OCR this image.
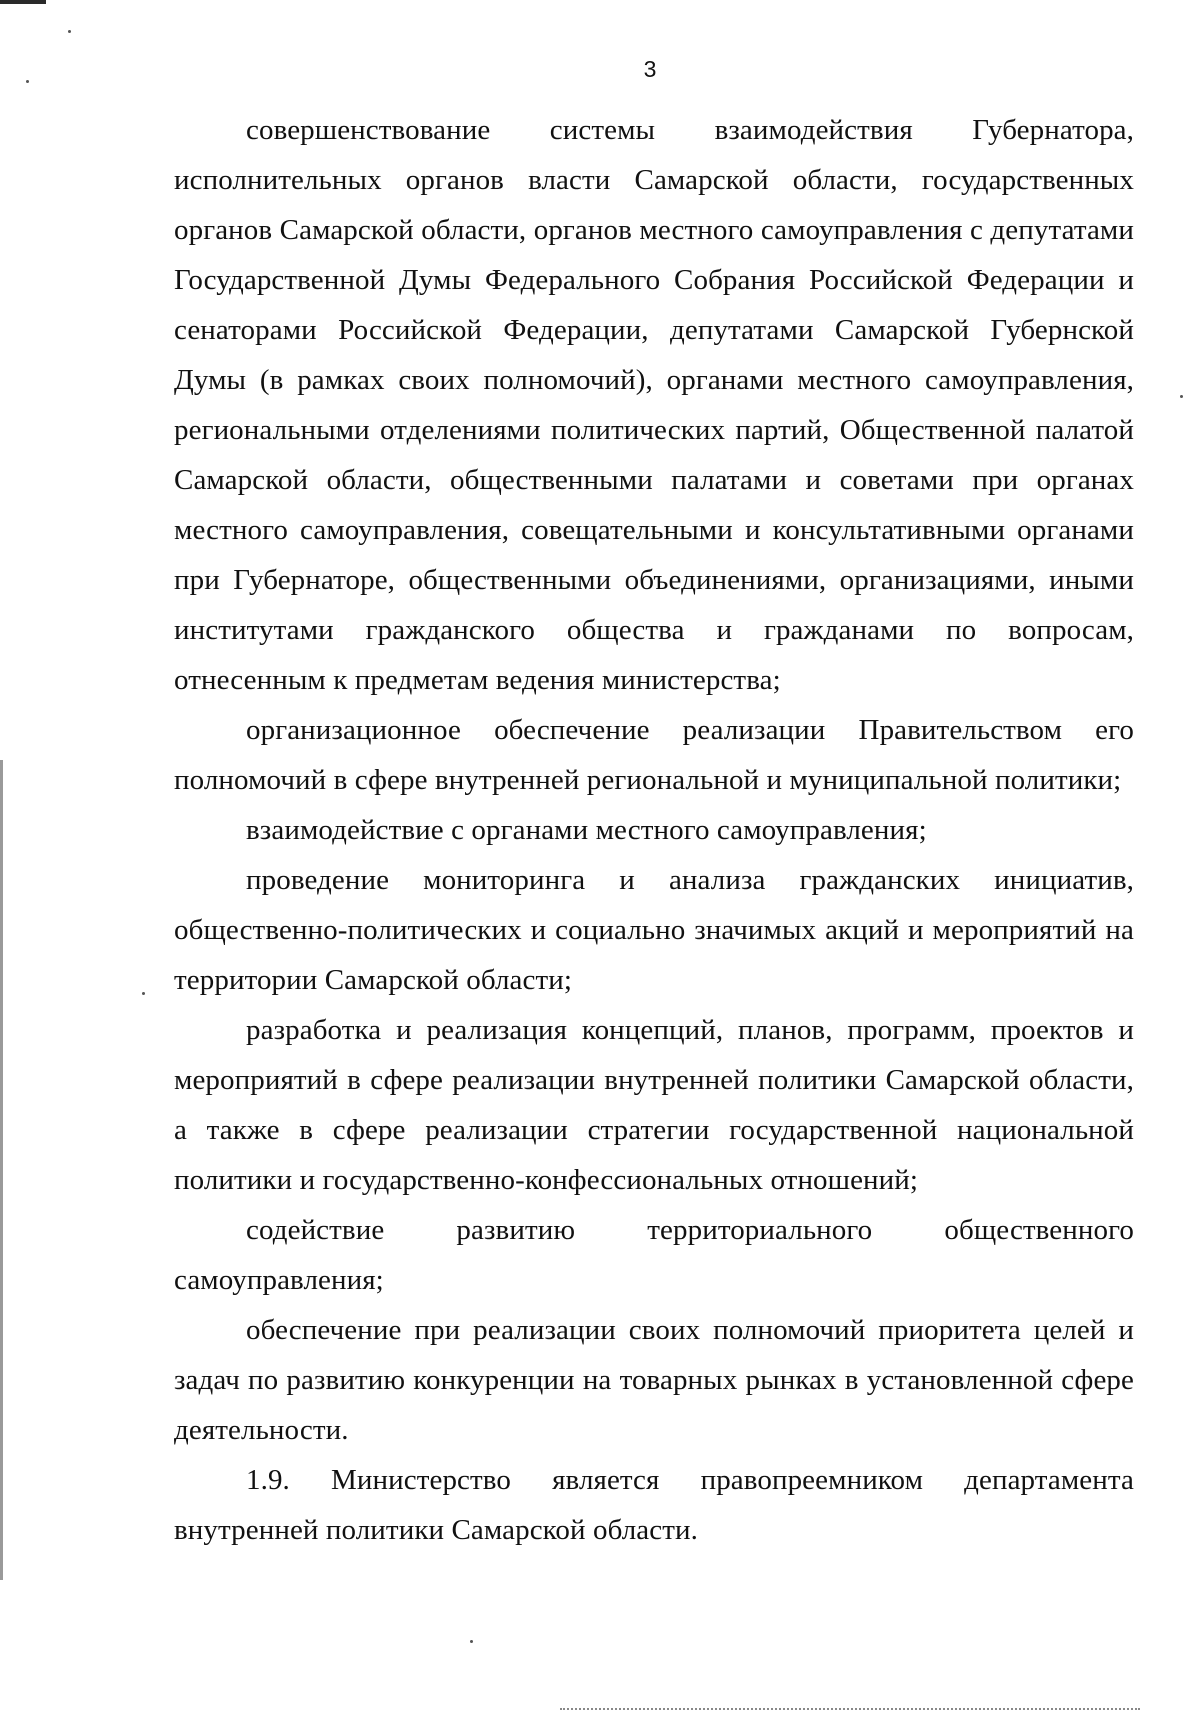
3

совершенствование системы взаимодействия Губернатора, исполнительных органов власти Самарской области, государственных органов Самарской области, органов местного самоуправления с депутатами Государственной Думы Федерального Собрания Российской Федерации и сенаторами Российской Федерации, депутатами Самарской Губернской Думы (в рамках своих полномочий), органами местного самоуправления, региональными отделениями политических партий, Общественной палатой Самарской области, общественными палатами и советами при органах местного самоуправления, совещательными и консультативными органами при Губернаторе, общественными объединениями, организациями, иными институтами гражданского общества и гражданами по вопросам, отнесенным к предметам ведения министерства;

организационное обеспечение реализации Правительством его полномочий в сфере внутренней региональной и муниципальной политики;

взаимодействие с органами местного самоуправления;

проведение мониторинга и анализа гражданских инициатив, общественно-политических и социально значимых акций и мероприятий на территории Самарской области;

разработка и реализация концепций, планов, программ, проектов и мероприятий в сфере реализации внутренней политики Самарской области, а также в сфере реализации стратегии государственной национальной политики и государственно-конфессиональных отношений;

содействие развитию территориального общественного самоуправления;

обеспечение при реализации своих полномочий приоритета целей и задач по развитию конкуренции на товарных рынках в установленной сфере деятельности.

1.9. Министерство является правопреемником департамента внутренней политики Самарской области.
